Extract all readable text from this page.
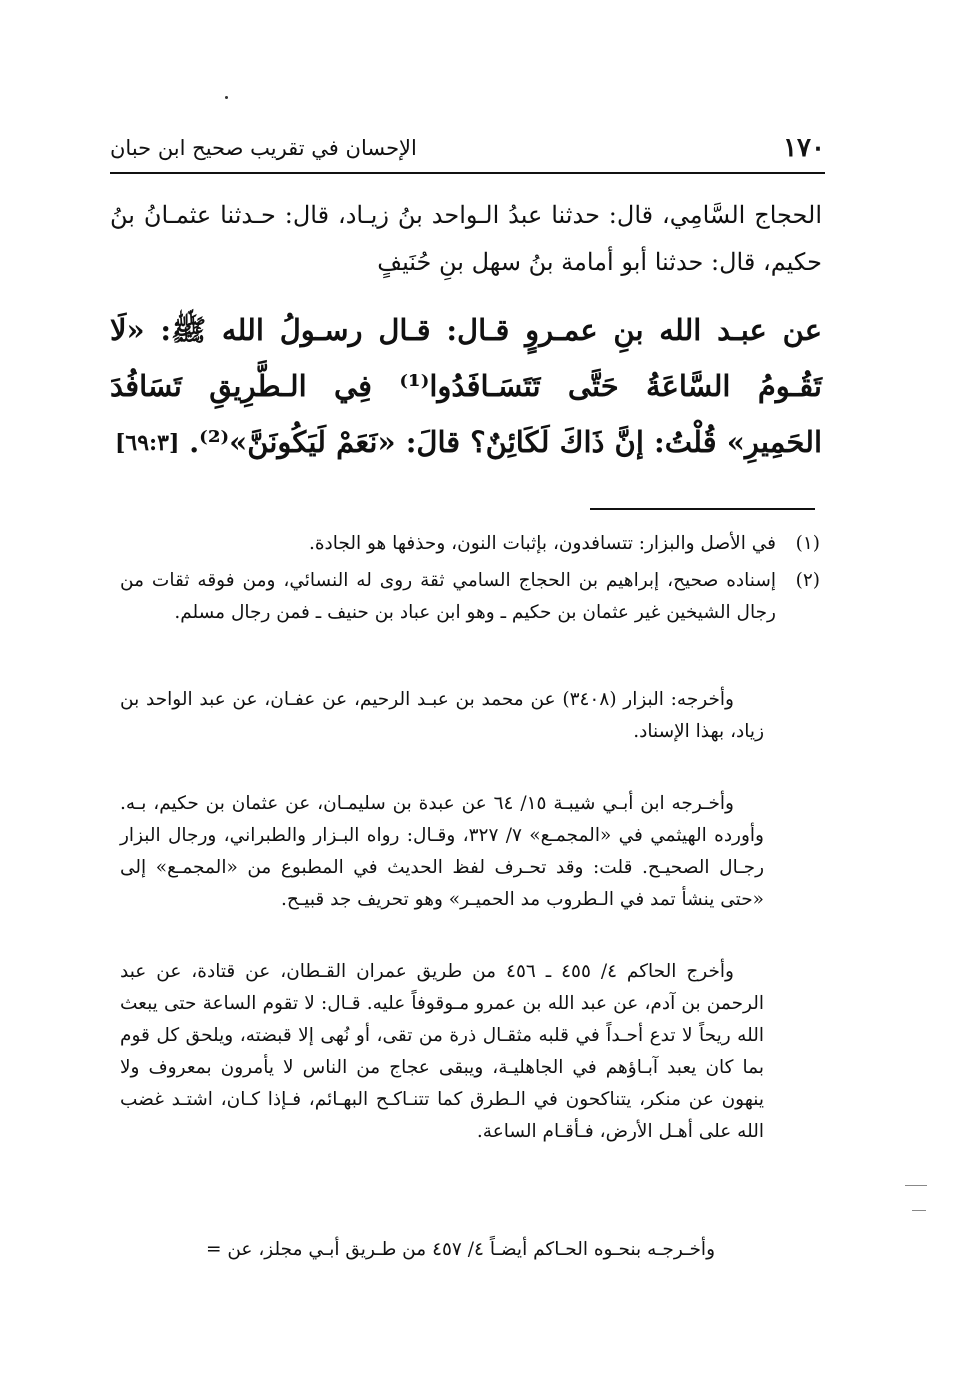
الإحسان في تقريب صحيح ابن حبان	١٧٠
الحجاج السَّامِي، قال: حدثنا عبدُ الـواحد بنُ زيـاد، قال: حـدثنا عثمـانُ بنُ حكيم، قال: حدثنا أبو أمامة بنُ سهل بنِ حُنَيفٍ
عن عبـد الله بنِ عمـروٍ قـال: قـال رسـولُ الله ﷺ: «لَا تَقُـومُ السَّاعَةُ حَتَّى تَتَسَـافَدُوا⁽¹⁾ فِي الـطَّرِيقِ تَسَافُدَ الحَمِيرِ» قُلْتُ: إنَّ ذَاكَ لَكَائِنٌ؟ قالَ: «نَعَمْ لَيَكُونَنَّ»⁽²⁾.
[٦٩:٣]
(١)
في الأصل والبزار: تتسافدون، بإثبات النون، وحذفها هو الجادة.
(٢)
إسناده صحيح، إبراهيم بن الحجاج السامي ثقة روى له النسائي، ومن فوقه ثقات من رجال الشيخين غير عثمان بن حكيم ـ وهو ابن عباد بن حنيف ـ فمن رجال مسلم.
وأخرجه: البزار (٣٤٠٨) عن محمد بن عبـد الرحيم، عن عفـان، عن عبد الواحد بن زياد، بهذا الإسناد.
وأخـرجه ابن أبـي شيبـة ١٥/ ٦٤ عن عبدة بن سليمـان، عن عثمان بن حكيم، بـه. وأورده الهيثمي في «المجمـع» ٧/ ٣٢٧، وقـال: رواه البـزار والطبراني، ورجال البزار رجـال الصحيـح. قلت: وقد تحـرف لفظ الحديث في المطبوع من «المجمـع» إلى «حتى ينشأ تمد في الـطروب مد الحميـر» وهو تحريف جد قبيـح.
وأخرج الحاكم ٤/ ٤٥٥ ـ ٤٥٦ من طريق عمران القـطان، عن قتادة، عن عبد الرحمن بن آدم، عن عبد الله بن عمرو مـوقوفاً عليه. قـال: لا تقوم الساعة حتى يبعث الله ريحاً لا تدع أحـداً في قلبه مثقـال ذرة من تقى، أو نُهى إلا قبضته، ويلحق كل قوم بما كان يعبد آبـاؤهم في الجاهليـة، ويبقى عجاج من الناس لا يأمرون بمعروف ولا ينهون عن منكر، يتناكحون في الـطرق كما تتنـاكـح البهـائم، فـإذا كـان، اشتـد غضب الله على أهـل الأرض، فـأقـام الساعة.
وأخـرجـه بنحـوه الحـاكم أيضـاً ٤/ ٤٥٧ من طـريق أبـي مجلز، عن =
